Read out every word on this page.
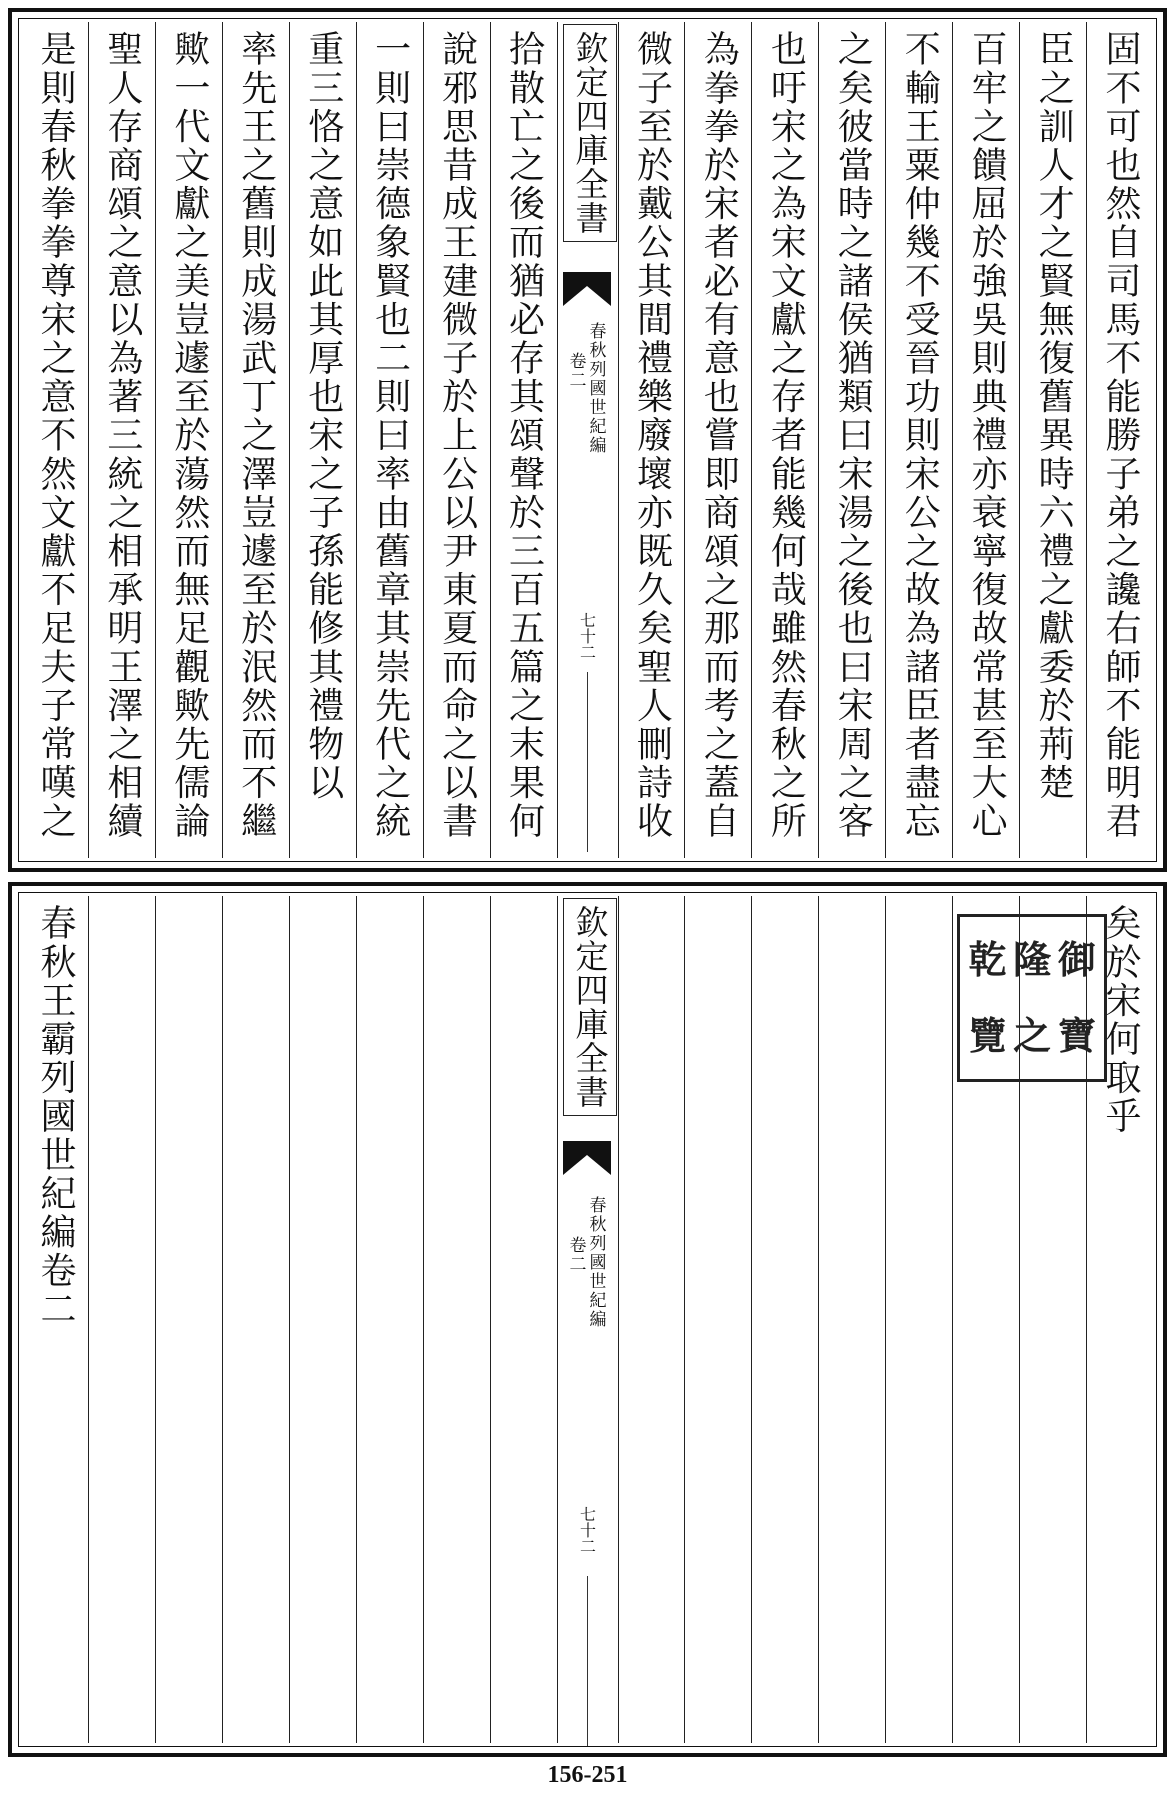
固不可也然自司馬不能勝子弟之讒右師不能明君
臣之訓人才之賢無復舊異時六禮之獻委於荊楚
百牢之饋屈於強吳則典禮亦衰寧復故常甚至大心
不輸王粟仲幾不受晉功則宋公之故為諸臣者盡忘
之矣彼當時之諸侯猶類曰宋湯之後也曰宋周之客
也吁宋之為宋文獻之存者能幾何哉雖然春秋之所
為拳拳於宋者必有意也嘗即商頌之那而考之蓋自
微子至於戴公其間禮樂廢壞亦既久矣聖人刪詩收
欽定四庫全書
春秋列國世紀編
卷二
七十二
拾散亡之後而猶必存其頌聲於三百五篇之末果何
說邪思昔成王建微子於上公以尹東夏而命之以書
一則曰崇德象賢也二則曰率由舊章其崇先代之統
重三恪之意如此其厚也宋之子孫能修其禮物以
率先王之舊則成湯武丁之澤豈遽至於泯然而不繼
歟一代文獻之美豈遽至於蕩然而無足觀歟先儒論
聖人存商頌之意以為著三統之相承明王澤之相續
是則春秋拳拳尊宋之意不然文獻不足夫子常嘆之
矣於宋何取乎
乾 隆 御
覽 之 寶
欽定四庫全書
春秋列國世紀編
卷二
七十二
春秋王霸列國世紀編卷二
156-251
